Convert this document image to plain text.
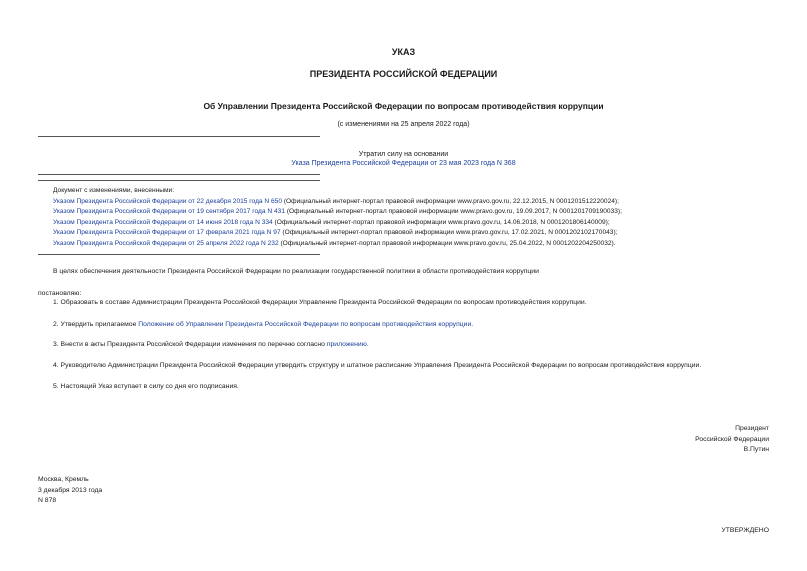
УКАЗ
ПРЕЗИДЕНТА РОССИЙСКОЙ ФЕДЕРАЦИИ
Об Управлении Президента Российской Федерации по вопросам противодействия коррупции
(с изменениями на 25 апреля 2022 года)
Утратил силу на основании
Указа Президента Российской Федерации от 23 мая 2023 года N 368
Документ с изменениями, внесенными:
Указом Президента Российской Федерации от 22 декабря 2015 года N 650 (Официальный интернет-портал правовой информации www.pravo.gov.ru, 22.12.2015, N 0001201512220024);
Указом Президента Российской Федерации от 19 сентября 2017 года N 431 (Официальный интернет-портал правовой информации www.pravo.gov.ru, 19.09.2017, N 0001201709190033);
Указом Президента Российской Федерации от 14 июня 2018 года N 334 (Официальный интернет-портал правовой информации www.pravo.gov.ru, 14.06.2018, N 0001201806140009);
Указом Президента Российской Федерации от 17 февраля 2021 года N 97 (Официальный интернет-портал правовой информации www.pravo.gov.ru, 17.02.2021, N 0001202102170043);
Указом Президента Российской Федерации от 25 апреля 2022 года N 232 (Официальный интернет-портал правовой информации www.pravo.gov.ru, 25.04.2022, N 0001202204250032).
В целях обеспечения деятельности Президента Российской Федерации по реализации государственной политики в области противодействия коррупции
постановляю:
1. Образовать в составе Администрации Президента Российской Федерации Управление Президента Российской Федерации по вопросам противодействия коррупции.
2. Утвердить прилагаемое Положение об Управлении Президента Российской Федерации по вопросам противодействия коррупции.
3. Внести в акты Президента Российской Федерации изменения по перечню согласно приложению.
4. Руководителю Администрации Президента Российской Федерации утвердить структуру и штатное расписание Управления Президента Российской Федерации по вопросам противодействия коррупции.
5. Настоящий Указ вступает в силу со дня его подписания.
Президент
Российской Федерации
В.Путин
Москва, Кремль
3 декабря 2013 года
N 878
УТВЕРЖДЕНО
